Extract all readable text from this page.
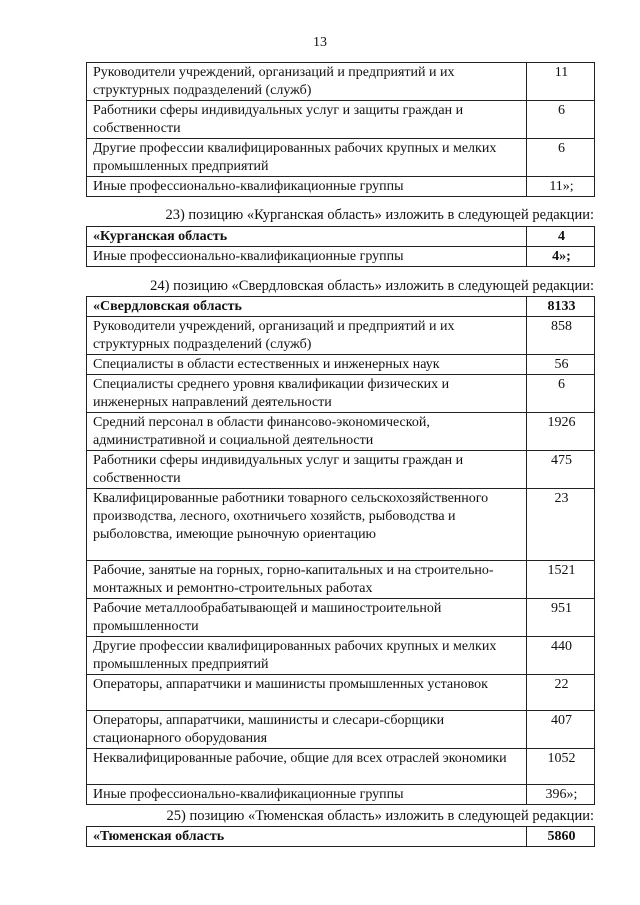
13
Руководители учреждений, организаций и предприятий и их структурных подразделений (служб)	11
Работники сферы индивидуальных услуг и защиты граждан и собственности	6
Другие профессии квалифицированных рабочих крупных и мелких промышленных предприятий	6
Иные профессионально-квалификационные группы	11»;
23) позицию «Курганская область» изложить в следующей редакции:
«Курганская область	4
Иные профессионально-квалификационные группы	4»;
24) позицию «Свердловская область» изложить в следующей редакции:
«Свердловская область	8133
Руководители учреждений, организаций и предприятий и их структурных подразделений (служб)	858
Специалисты в области естественных и инженерных наук	56
Специалисты среднего уровня квалификации физических и инженерных направлений деятельности	6
Средний персонал в области финансово-экономической, административной и социальной деятельности	1926
Работники сферы индивидуальных услуг и защиты граждан и собственности	475
Квалифицированные работники товарного сельскохозяйственного производства, лесного, охотничьего хозяйств, рыбоводства и рыболовства, имеющие рыночную ориентацию	23
Рабочие, занятые на горных, горно-капитальных и на строительно-монтажных и ремонтно-строительных работах	1521
Рабочие металлообрабатывающей и машиностроительной промышленности	951
Другие профессии квалифицированных рабочих крупных и мелких промышленных предприятий	440
Операторы, аппаратчики и машинисты промышленных установок	22
Операторы, аппаратчики, машинисты и слесари-сборщики стационарного оборудования	407
Неквалифицированные рабочие, общие для всех отраслей экономики	1052
Иные профессионально-квалификационные группы	396»;
25) позицию «Тюменская область» изложить в следующей редакции:
«Тюменская область	5860
